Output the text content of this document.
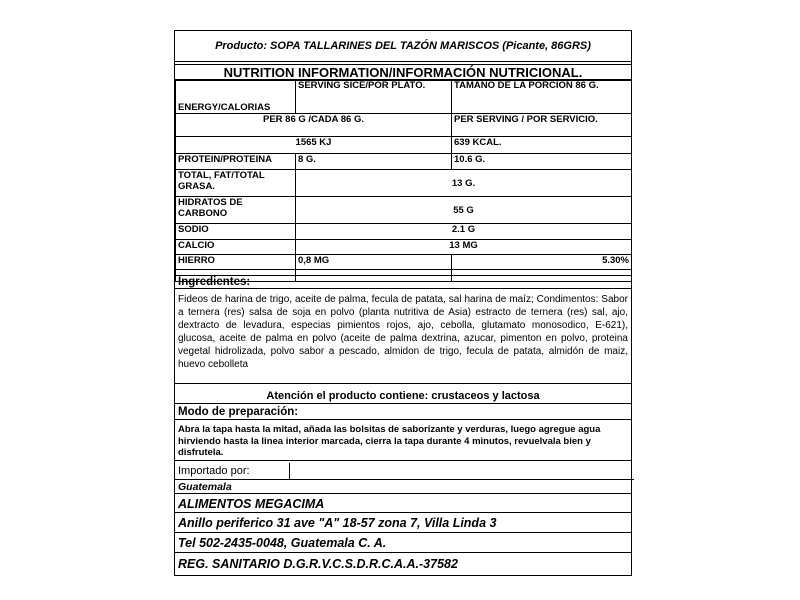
Producto: SOPA TALLARINES DEL TAZÓN MARISCOS (Picante, 86GRS)
NUTRITION INFORMATION/INFORMACIÓN NUTRICIONAL.
ENERGY/CALORIAS	SERVING SICE/POR PLATO.	TAMAÑO DE LA PORCIÓN 86 G.
PER 86 G /CADA 86 G.		PER SERVING / POR SERVICIO.
1565 KJ		639 KCAL.
PROTEIN/PROTEINA	8 G.	10.6 G.
TOTAL, FAT/TOTAL GRASA.	13 G.	
HIDRATOS DE CARBONO	55 G	
SODIO	2.1 G	
CALCIO	13 MG	
HIERRO	0,8 MG	5.30%

Ingredientes:
Fideos de harina de trigo, aceite de palma, fecula de patata, sal harina de maíz; Condimentos: Sabor a ternera (res) salsa de soja en polvo (planta nutritiva de Asia) estracto de ternera (res) sal, ajo, dextracto de levadura, especias pimientos rojos, ajo, cebolla, glutamato monosodico, E-621), glucosa, aceite de palma en polvo (aceite de palma dextrina, azucar, pimenton en polvo, proteina vegetal hidrolizada, polvo sabor a pescado, almidon de trigo, fecula de patata, almidón de maiz, huevo cebolleta
Atención el producto contiene: crustaceos y lactosa
Modo de preparación:
Abra la tapa hasta la mitad, añada las bolsitas de saborizante y verduras, luego agregue agua hirviendo hasta la linea interior marcada, cierra la tapa durante 4 minutos, revuelvala bien y disfrutela.
Importado por:
Guatemala
ALIMENTOS MEGACIMA
Anillo periferico 31 ave "A" 18-57 zona 7, Villa Linda 3
Tel 502-2435-0048, Guatemala C. A.
REG. SANITARIO D.G.R.V.C.S.D.R.C.A.A.-37582
